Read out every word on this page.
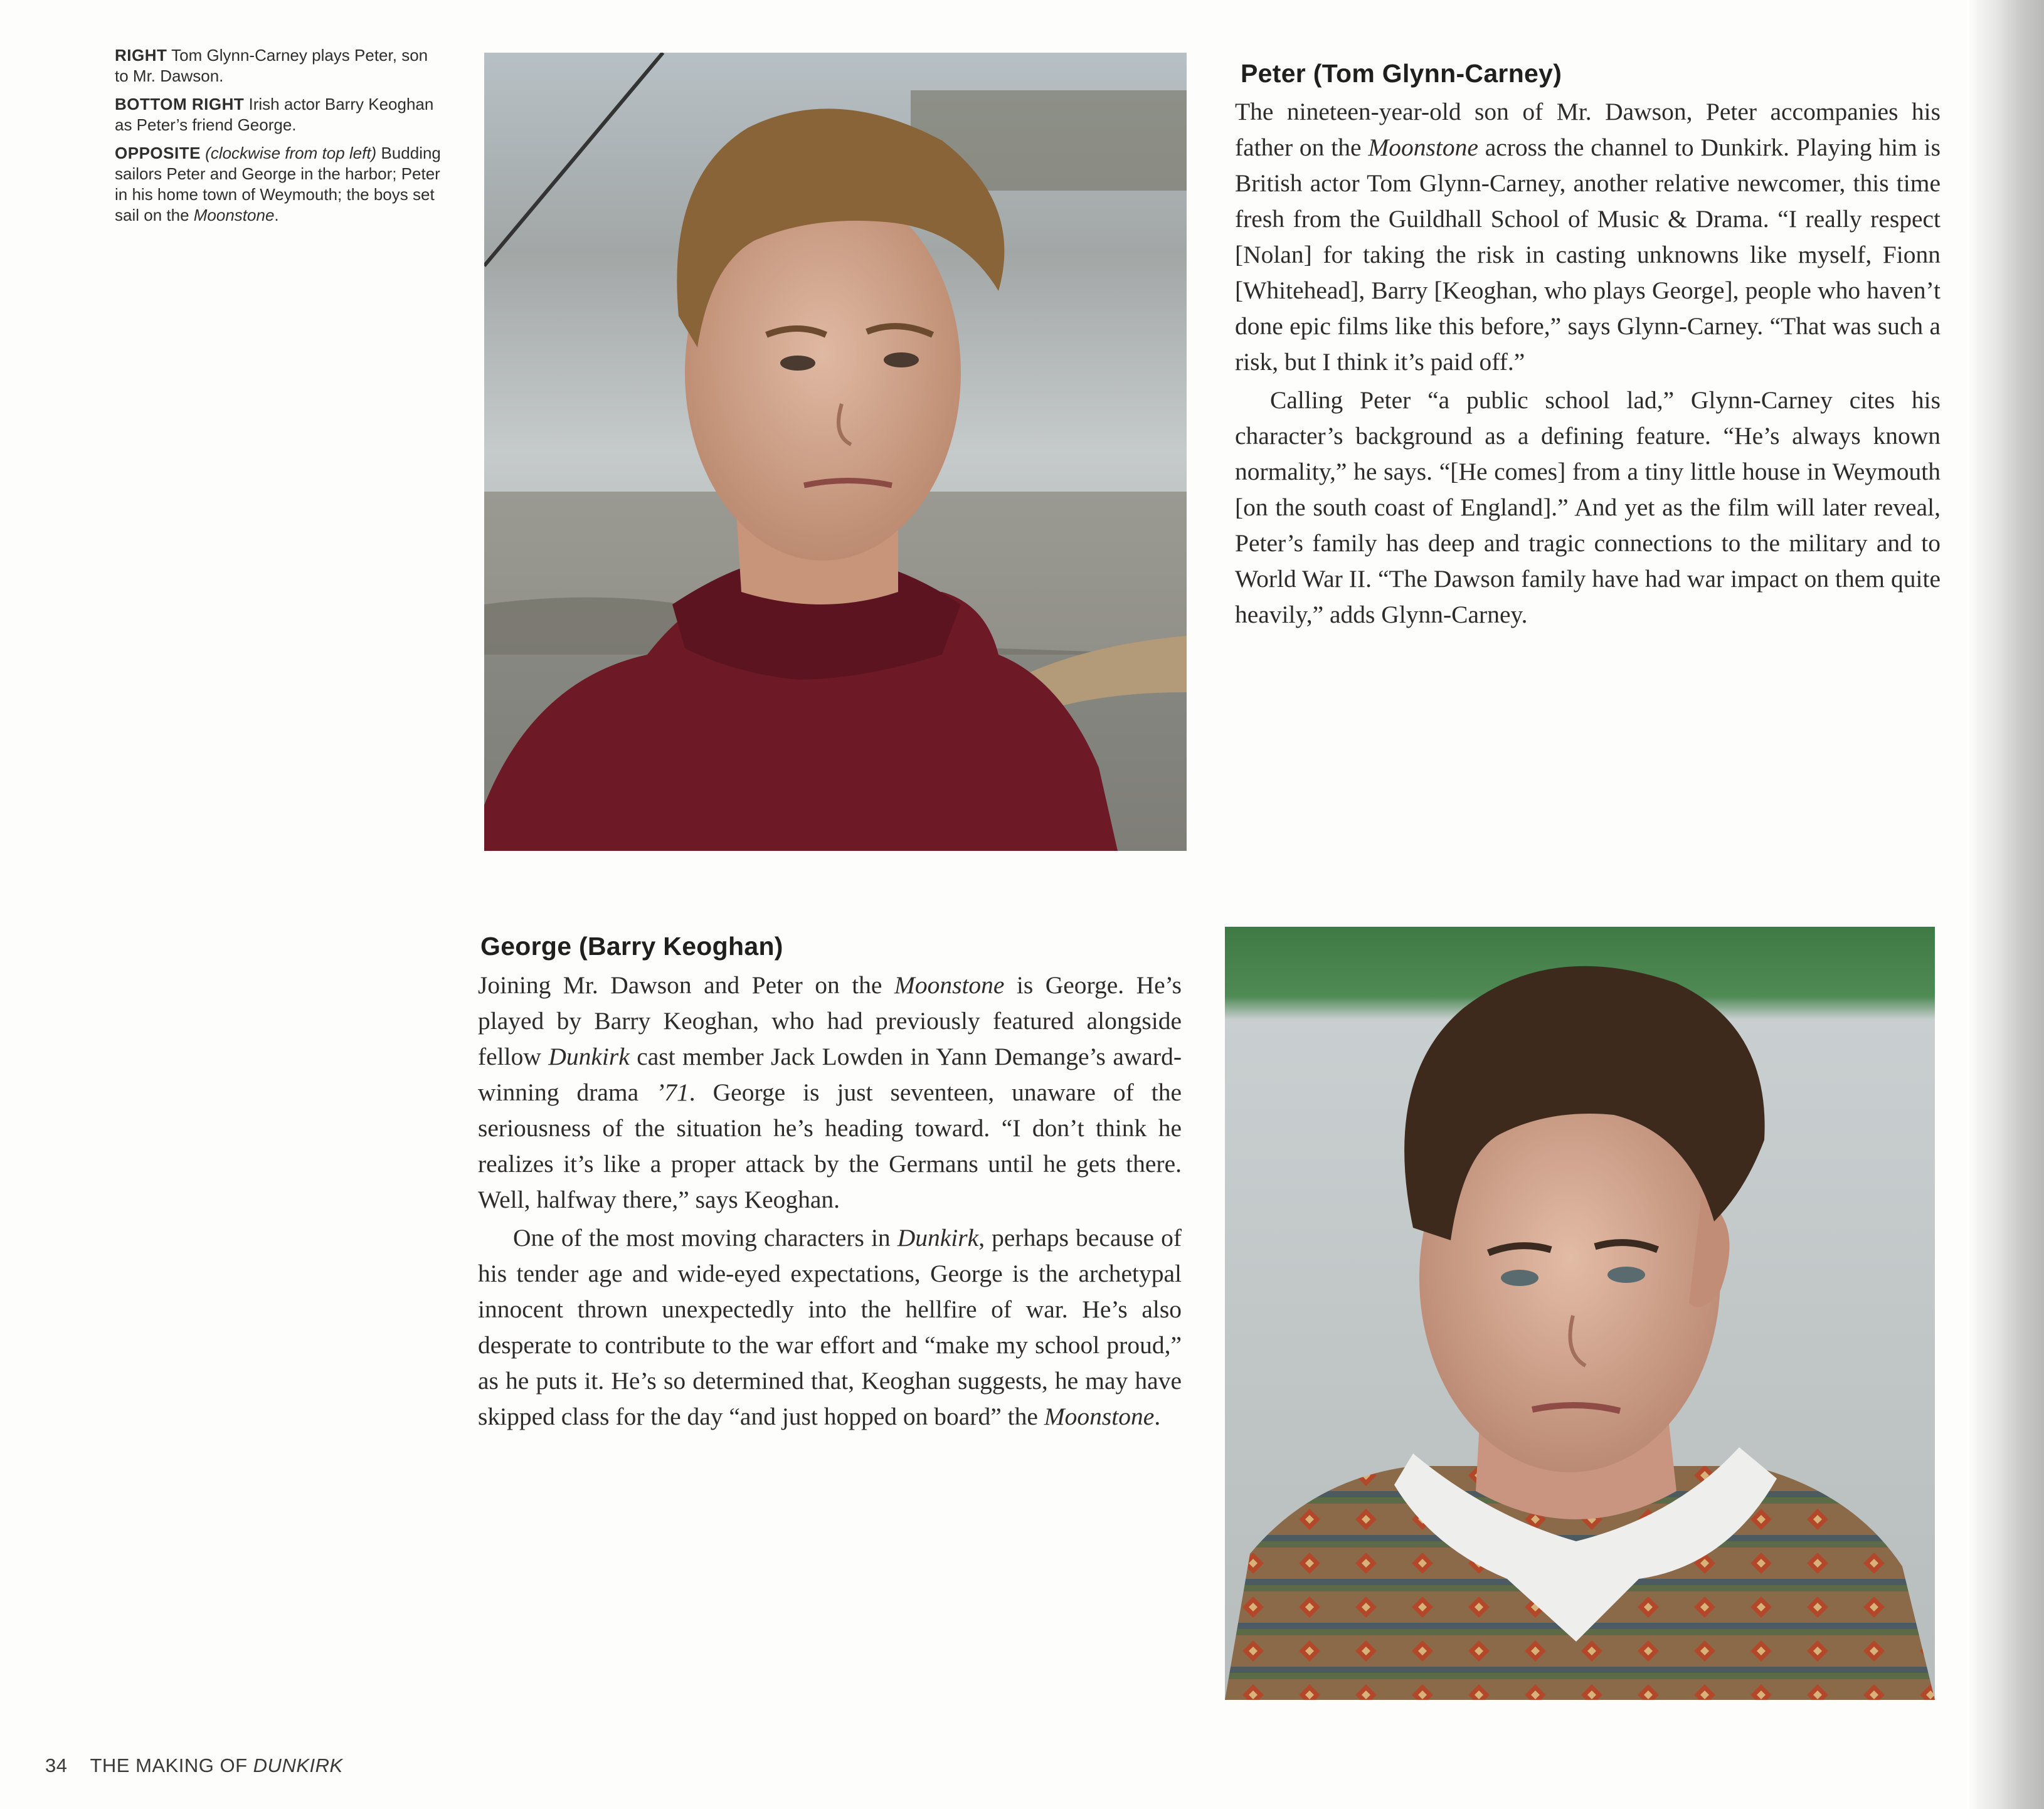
RIGHT Tom Glynn-Carney plays Peter, son to Mr. Dawson.

BOTTOM RIGHT Irish actor Barry Keoghan as Peter’s friend George.

OPPOSITE (clockwise from top left) Budding sailors Peter and George in the harbor; Peter in his home town of Weymouth; the boys set sail on the Moonstone.

Peter (Tom Glynn-Carney)

The nineteen-year-old son of Mr. Dawson, Peter accompanies his father on the Moonstone across the channel to Dunkirk. Playing him is British actor Tom Glynn-Carney, another relative newcomer, this time fresh from the Guildhall School of Music & Drama. “I really respect [Nolan] for taking the risk in casting unknowns like myself, Fionn [Whitehead], Barry [Keoghan, who plays George], people who haven’t done epic films like this before,” says Glynn-Carney. “That was such a risk, but I think it’s paid off.”

Calling Peter “a public school lad,” Glynn-Carney cites his character’s background as a defining feature. “He’s always known normality,” he says. “[He comes] from a tiny little house in Weymouth [on the south coast of England].” And yet as the film will later reveal, Peter’s family has deep and tragic connections to the military and to World War II. “The Dawson family have had war impact on them quite heavily,” adds Glynn-Carney.

George (Barry Keoghan)

Joining Mr. Dawson and Peter on the Moonstone is George. He’s played by Barry Keoghan, who had previously featured alongside fellow Dunkirk cast member Jack Lowden in Yann Demange’s award-winning drama ’71. George is just seventeen, unaware of the seriousness of the situation he’s heading toward. “I don’t think he realizes it’s like a proper attack by the Germans until he gets there. Well, halfway there,” says Keoghan.

One of the most moving characters in Dunkirk, perhaps because of his tender age and wide-eyed expectations, George is the archetypal innocent thrown unexpectedly into the hellfire of war. He’s also desperate to contribute to the war effort and “make my school proud,” as he puts it. He’s so determined that, Keoghan suggests, he may have skipped class for the day “and just hopped on board” the Moonstone.

34 THE MAKING OF DUNKIRK
